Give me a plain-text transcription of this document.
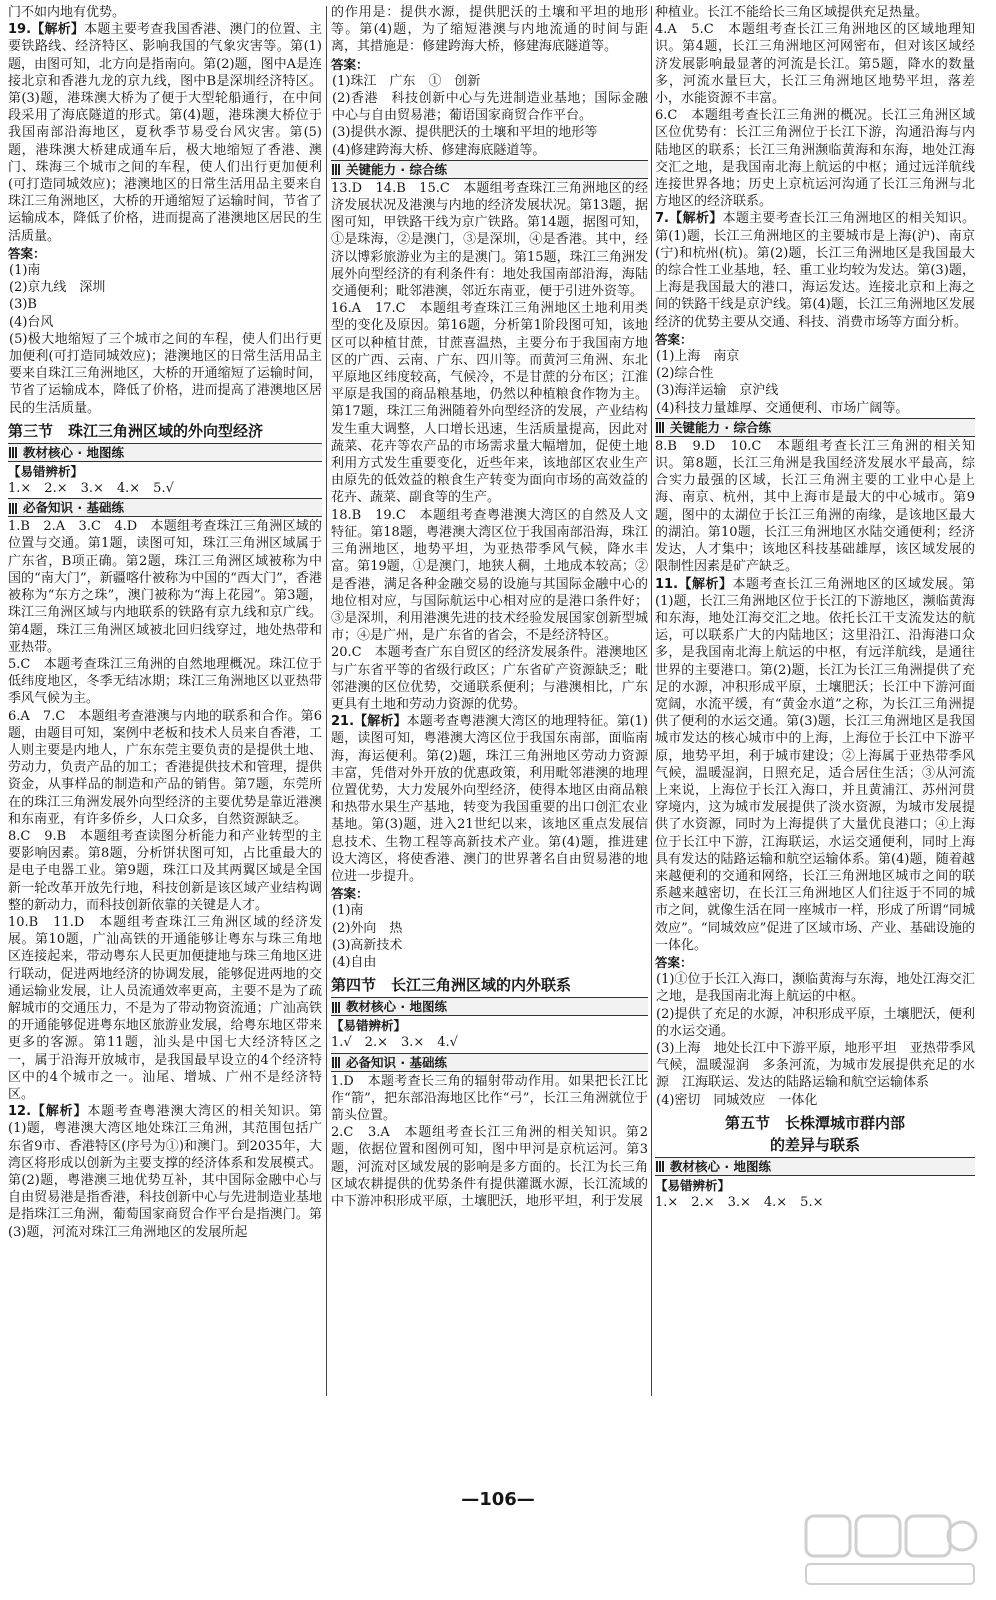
门不如内地有优势。

19.【解析】本题主要考查我国香港、澳门的位置、主要铁路线、经济特区、影响我国的气象灾害等。第(1)题，由图可知，北方向是指南向。第(2)题，图中A是连接北京和香港九龙的京九线，图中B是深圳经济特区。第(3)题，港珠澳大桥为了便于大型轮船通行，在中间段采用了海底隧道的形式。第(4)题，港珠澳大桥位于我国南部沿海地区，夏秋季节易受台风灾害。第(5)题，港珠澳大桥建成通车后，极大地缩短了香港、澳门、珠海三个城市之间的车程，使人们出行更加便利(可打造同城效应)；港澳地区的日常生活用品主要来自珠江三角洲地区，大桥的开通缩短了运输时间，节省了运输成本，降低了价格，进而提高了港澳地区居民的生活质量。

答案：

(1)南

(2)京九线　深圳

(3)B

(4)台风

(5)极大地缩短了三个城市之间的车程，使人们出行更加便利(可打造同城效应)；港澳地区的日常生活用品主要来自珠江三角洲地区，大桥的开通缩短了运输时间，节省了运输成本，降低了价格，进而提高了港澳地区居民的生活质量。

第三节　珠江三角洲区域的外向型经济
教材核心 · 地图练

【易错辨析】

1.×　2.×　3.×　4.×　5.√

必备知识 · 基础练

1.B　2.A　3.C　4.D　本题组考查珠江三角洲区域的位置与交通。第1题，读图可知，珠江三角洲区域属于广东省，B项正确。第2题，珠江三角洲区域被称为中国的“南大门”，新疆喀什被称为中国的“西大门”，香港被称为“东方之珠”，澳门被称为“海上花园”。第3题，珠江三角洲区域与内地联系的铁路有京九线和京广线。第4题，珠江三角洲区域被北回归线穿过，地处热带和亚热带。

5.C　本题考查珠江三角洲的自然地理概况。珠江位于低纬度地区，冬季无结冰期；珠江三角洲地区以亚热带季风气候为主。

6.A　7.C　本题组考查港澳与内地的联系和合作。第6题，由题目可知，案例中老板和技术人员来自香港，工人则主要是内地人，广东东莞主要负责的是提供土地、劳动力，负责产品的加工；香港提供技术和管理，提供资金，从事样品的制造和产品的销售。第7题，东莞所在的珠江三角洲发展外向型经济的主要优势是靠近港澳和东南亚，有许多侨乡，人口众多，自然资源缺乏。

8.C　9.B　本题组考查读图分析能力和产业转型的主要影响因素。第8题，分析饼状图可知，占比重最大的是电子电器工业。第9题，珠江口及其两翼区域是全国新一轮改革开放先行地，科技创新是该区域产业结构调整的新动力，而科技创新依靠的关键是人才。

10.B　11.D　本题组考查珠江三角洲区域的经济发展。第10题，广汕高铁的开通能够让粤东与珠三角地区连接起来，带动粤东人民更加便捷地与珠三角地区进行联动，促进两地经济的协调发展，能够促进两地的交通运输业发展，让人员流通效率更高，主要不是为了疏解城市的交通压力，不是为了带动物资流通；广汕高铁的开通能够促进粤东地区旅游业发展，给粤东地区带来更多的客源。第11题，汕头是中国七大经济特区之一，属于沿海开放城市，是我国最早设立的4个经济特区中的4个城市之一。汕尾、增城、广州不是经济特区。

12.【解析】本题考查粤港澳大湾区的相关知识。第(1)题，粤港澳大湾区地处珠江三角洲，其范围包括广东省9市、香港特区(序号为①)和澳门。到2035年，大湾区将形成以创新为主要支撑的经济体系和发展模式。第(2)题，粤港澳三地优势互补，其中国际金融中心与自由贸易港是指香港，科技创新中心与先进制造业基地是指珠江三角洲，葡萄国家商贸合作平台是指澳门。第(3)题，河流对珠江三角洲地区的发展所起

的作用是：提供水源，提供肥沃的土壤和平坦的地形等。第(4)题，为了缩短港澳与内地流通的时间与距离，其措施是：修建跨海大桥，修建海底隧道等。

答案：

(1)珠江　广东　①　创新

(2)香港　科技创新中心与先进制造业基地；国际金融中心与自由贸易港；葡语国家商贸合作平台。

(3)提供水源、提供肥沃的土壤和平坦的地形等

(4)修建跨海大桥、修建海底隧道等。

关键能力 · 综合练

13.D　14.B　15.C　本题组考查珠江三角洲地区的经济发展状况及港澳与内地的经济发展状况。第13题，据图可知，甲铁路干线为京广铁路。第14题，据图可知，①是珠海，②是澳门，③是深圳，④是香港。其中，经济以博彩旅游业为主的是澳门。第15题，珠江三角洲发展外向型经济的有利条件有：地处我国南部沿海，海陆交通便利；毗邻港澳，邻近东南亚，便于引进外资等。

16.A　17.C　本题组考查珠江三角洲地区土地利用类型的变化及原因。第16题，分析第1阶段图可知，该地区可以种植甘蔗，甘蔗喜温热，主要分布于我国南方地区的广西、云南、广东、四川等。而黄河三角洲、东北平原地区纬度较高，气候冷，不是甘蔗的分布区；江淮平原是我国的商品粮基地，仍然以种植粮食作物为主。第17题，珠江三角洲随着外向型经济的发展，产业结构发生重大调整，人口增长迅速，生活质量提高，因此对蔬菜、花卉等农产品的市场需求量大幅增加，促使土地利用方式发生重要变化，近些年来，该地部区农业生产由原先的低效益的粮食生产转变为面向市场的高效益的花卉、蔬菜、副食等的生产。

18.B　19.C　本题组考查粤港澳大湾区的自然及人文特征。第18题，粤港澳大湾区位于我国南部沿海，珠江三角洲地区，地势平坦，为亚热带季风气候，降水丰富。第19题，①是澳门，地狭人稠，土地成本较高；②是香港，满足各种金融交易的设施与其国际金融中心的地位相对应，与国际航运中心相对应的是港口条件好；③是深圳，利用港澳先进的技术经验发展国家创新型城市；④是广州，是广东省的省会，不是经济特区。

20.C　本题考查广东自贸区的经济发展条件。港澳地区与广东省平等的省级行政区；广东省矿产资源缺乏；毗邻港澳的区位优势，交通联系便利；与港澳相比，广东更具有土地和劳动力资源的优势。

21.【解析】本题考查粤港澳大湾区的地理特征。第(1)题，读图可知，粤港澳大湾区位于我国东南部，面临南海，海运便利。第(2)题，珠江三角洲地区劳动力资源丰富，凭借对外开放的优惠政策，利用毗邻港澳的地理位置优势，大力发展外向型经济，使得本地区由商品粮和热带水果生产基地，转变为我国重要的出口创汇农业基地。第(3)题，进入21世纪以来，该地区重点发展信息技术、生物工程等高新技术产业。第(4)题，推进建设大湾区，将使香港、澳门的世界著名自由贸易港的地位进一步提升。

答案：

(1)南

(2)外向　热

(3)高新技术

(4)自由

第四节　长江三角洲区域的内外联系
教材核心 · 地图练

【易错辨析】

1.√　2.×　3.×　4.√

必备知识 · 基础练

1.D　本题考查长三角的辐射带动作用。如果把长江比作“箭”，把东部沿海地区比作“弓”，长江三角洲就位于箭头位置。

2.C　3.A　本题组考查长江三角洲的相关知识。第2题，依据位置和图例可知，图中甲河是京杭运河。第3题，河流对区域发展的影响是多方面的。长江为长三角区域农耕提供的优势条件有提供灌溉水源，长江流域的中下游冲积形成平原，土壤肥沃，地形平坦，利于发展

种植业。长江不能给长三角区域提供充足热量。

4.A　5.C　本题组考查长江三角洲地区的区域地理知识。第4题，长江三角洲地区河网密布，但对该区域经济发展影响最显著的河流是长江。第5题，降水的数量多，河流水量巨大，长江三角洲地区地势平坦，落差小，水能资源不丰富。

6.C　本题组考查长江三角洲的概况。长江三角洲区域区位优势有：长江三角洲位于长江下游，沟通沿海与内陆地区的联系；长江三角洲濒临黄海和东海，地处江海交汇之地，是我国南北海上航运的中枢；通过远洋航线连接世界各地；历史上京杭运河沟通了长江三角洲与北方地区的经济联系。

7.【解析】本题主要考查长江三角洲地区的相关知识。第(1)题，长江三角洲地区的主要城市是上海(沪)、南京(宁)和杭州(杭)。第(2)题，长江三角洲地区是我国最大的综合性工业基地，轻、重工业均较为发达。第(3)题，上海是我国最大的港口，海运发达。连接北京和上海之间的铁路干线是京沪线。第(4)题，长江三角洲地区发展经济的优势主要从交通、科技、消费市场等方面分析。

答案：

(1)上海　南京

(2)综合性

(3)海洋运输　京沪线

(4)科技力量雄厚、交通便利、市场广阔等。

关键能力 · 综合练

8.B　9.D　10.C　本题组考查长江三角洲的相关知识。第8题，长江三角洲是我国经济发展水平最高，综合实力最强的区域，长江三角洲主要的工业中心是上海、南京、杭州，其中上海市是最大的中心城市。第9题，图中的太湖位于长江三角洲的南缘，是该地区最大的湖泊。第10题，长江三角洲地区水陆交通便利；经济发达，人才集中；该地区科技基础雄厚，该区域发展的限制性因素是矿产缺乏。

11.【解析】本题考查长江三角洲地区的区域发展。第(1)题，长江三角洲地区位于长江的下游地区，濒临黄海和东海，地处江海交汇之地。依托长江干支流发达的航运，可以联系广大的内陆地区；这里沿江、沿海港口众多，是我国南北海上航运的中枢，有远洋航线，是通往世界的主要港口。第(2)题，长江为长江三角洲提供了充足的水源，冲积形成平原，土壤肥沃；长江中下游河面宽阔，水流平缓，有“黄金水道”之称，为长江三角洲提供了便利的水运交通。第(3)题，长江三角洲地区是我国城市发达的核心城市中的上海，上海位于长江中下游平原，地势平坦，利于城市建设；②上海属于亚热带季风气候，温暖湿润，日照充足，适合居住生活；③从河流上来说，上海位于长江入海口，并且黄浦江、苏州河贯穿境内，这为城市发展提供了淡水资源，为城市发展提供了水资源，同时为上海提供了大量优良港口；④上海位于长江中下游，江海联运，水运交通便利，同时上海具有发达的陆路运输和航空运输体系。第(4)题，随着越来越便利的交通和网络，长江三角洲地区城市之间的联系越来越密切，在长江三角洲地区人们往返于不同的城市之间，就像生活在同一座城市一样，形成了所谓“同城效应”。“同城效应”促进了区域市场、产业、基础设施的一体化。

答案：

(1)①位于长江入海口，濒临黄海与东海，地处江海交汇之地，是我国南北海上航运的中枢。

(2)提供了充足的水源，冲积形成平原，土壤肥沃，便利的水运交通。

(3)上海　地处长江中下游平原，地形平坦　亚热带季风气候，温暖湿润　多条河流，为城市发展提供充足的水源　江海联运、发达的陆路运输和航空运输体系

(4)密切　同城效应　一体化

第五节　长株潭城市群内部
的差异与联系
教材核心 · 地图练

【易错辨析】

1.×　2.×　3.×　4.×　5.×

—106—
